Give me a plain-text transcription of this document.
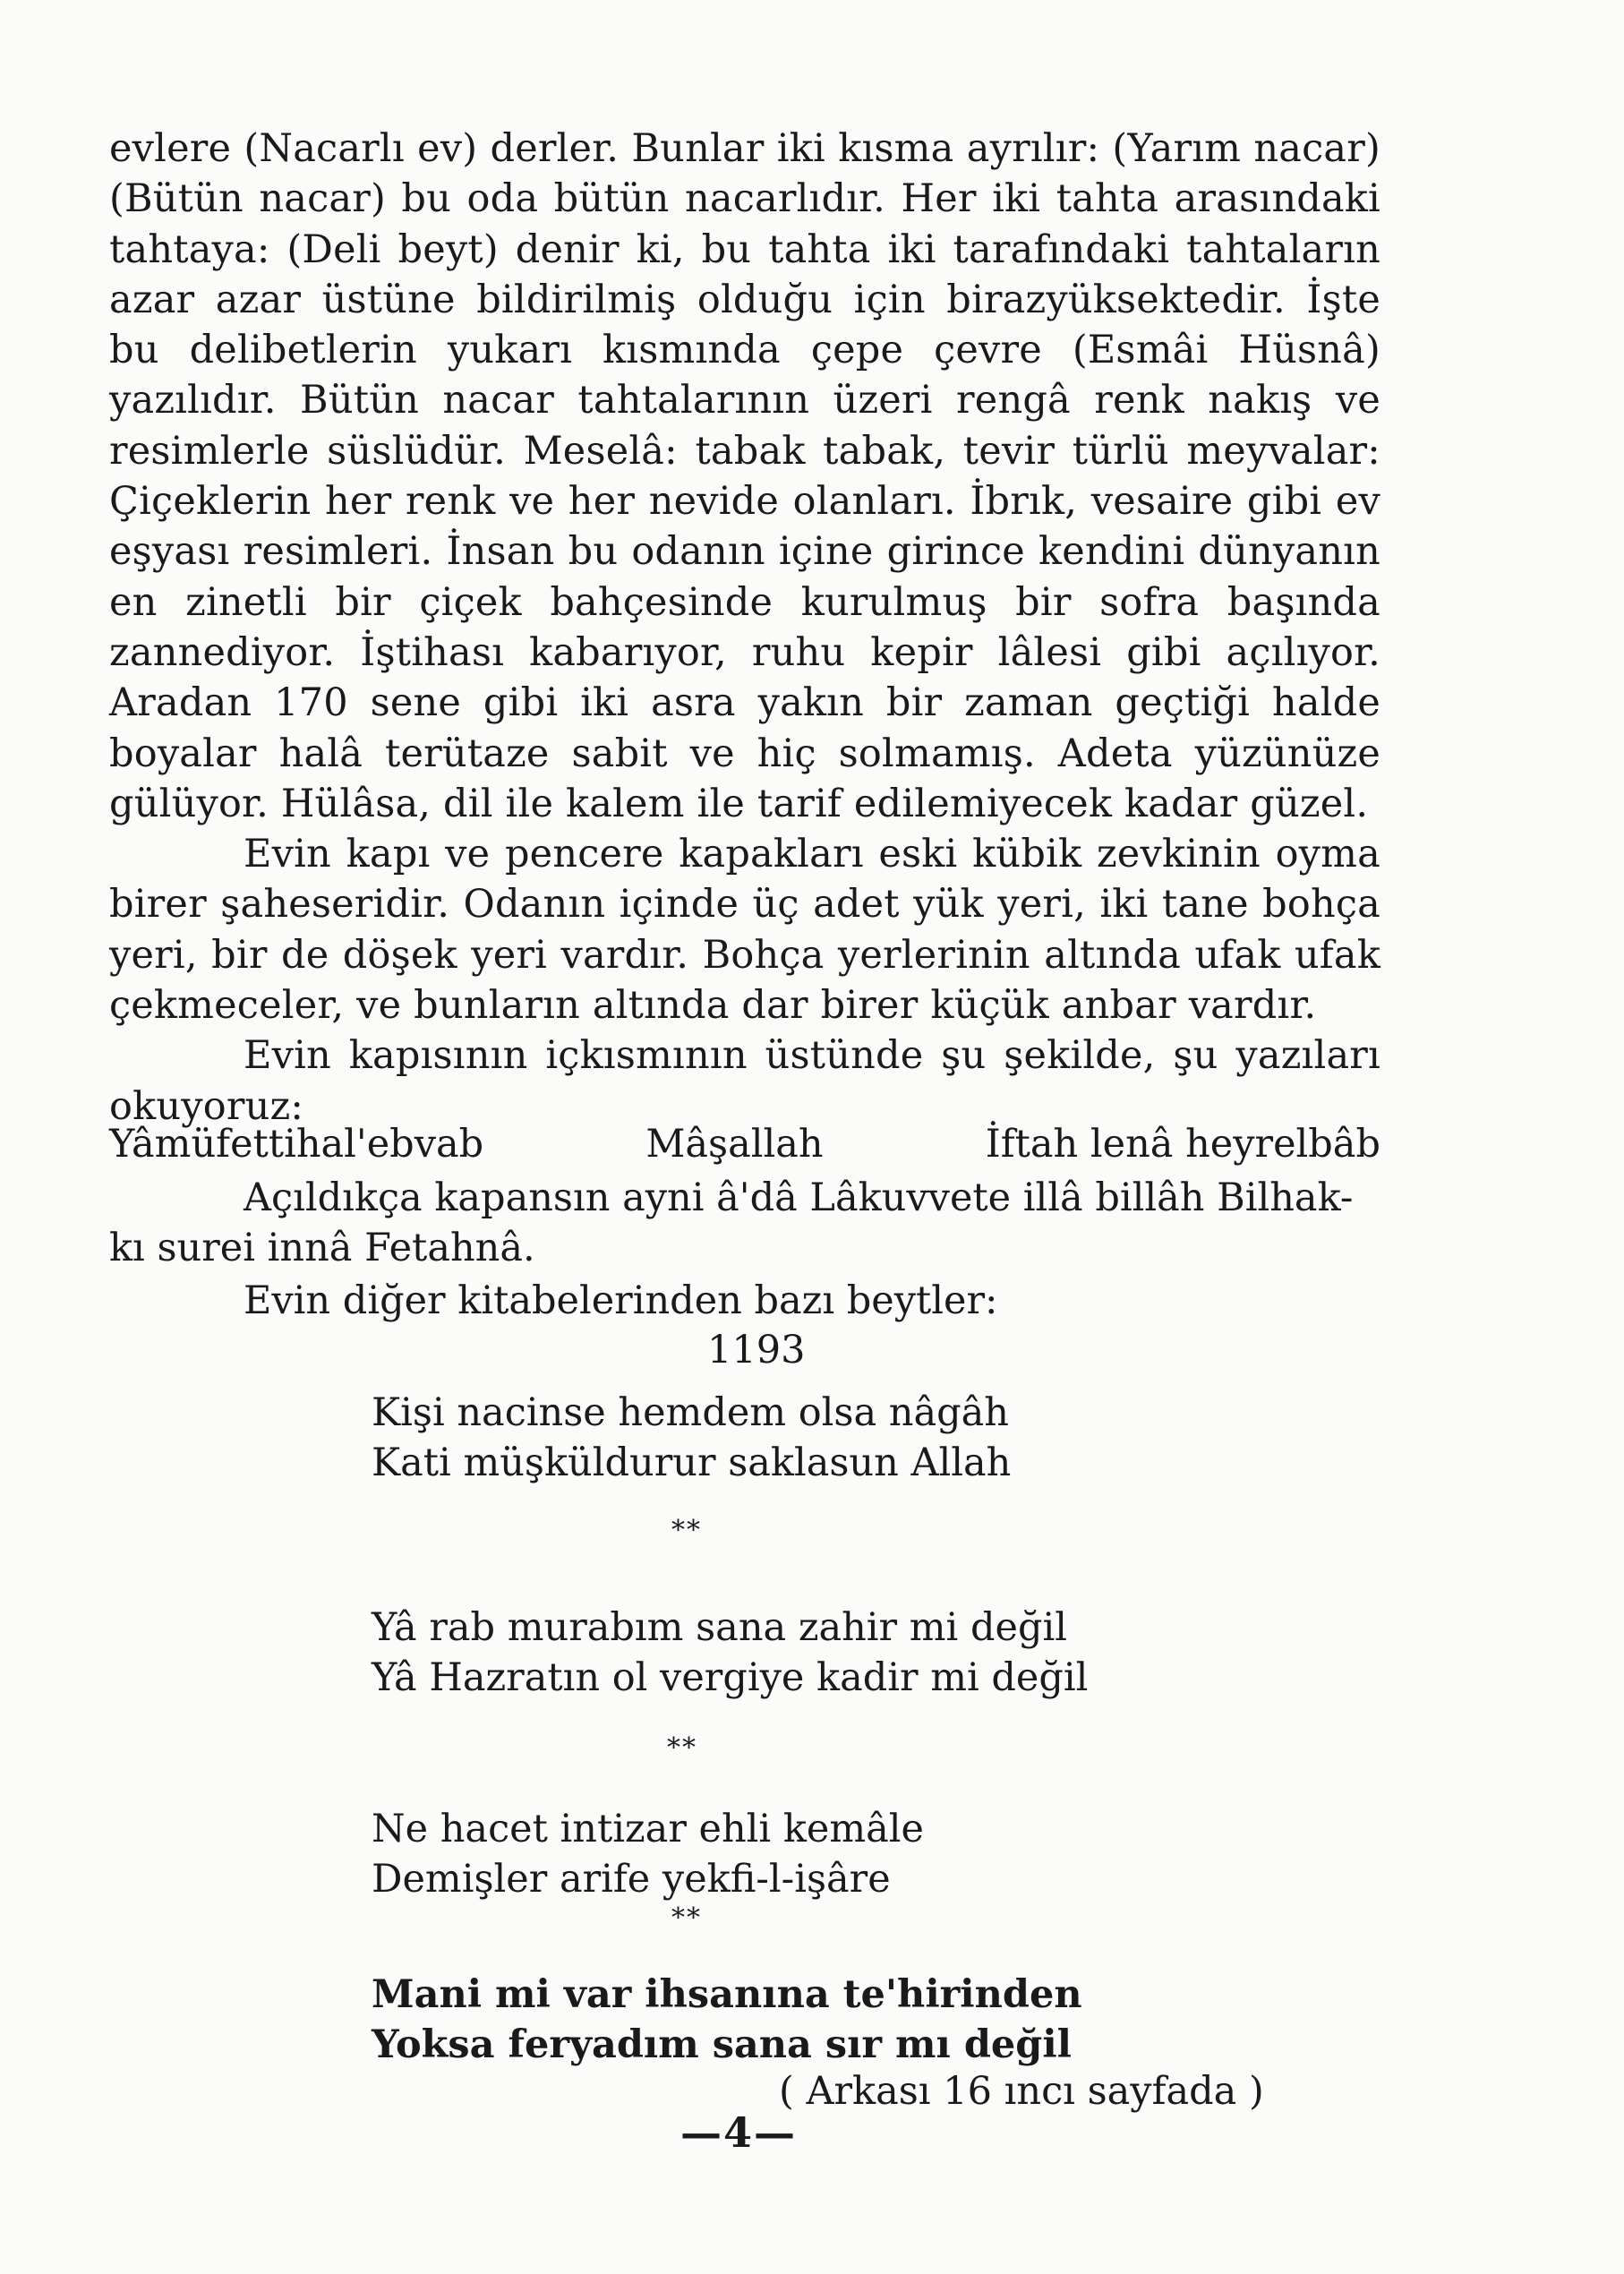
evlere (Nacarlı ev) derler. Bunlar iki kısma ayrılır: (Yarım nacar) (Bütün nacar) bu oda bütün nacarlıdır. Her iki tahta arasındaki tahtaya: (Deli beyt) denir ki, bu tahta iki tarafındaki tahtaların azar azar üstüne bildirilmiş olduğu için birazyüksektedir. İşte bu delibetlerin yukarı kısmında çepe çevre (Esmâi Hüsnâ) yazılıdır. Bütün nacar tahtalarının üzeri rengâ renk nakış ve resimlerle süslüdür. Meselâ: tabak tabak, tevir türlü meyvalar: Çiçeklerin her renk ve her nevide olanları. İbrık, vesaire gibi ev eşyası resimleri. İnsan bu odanın içine girince kendini dünyanın en zinetli bir çiçek bahçesinde kurulmuş bir sofra başında zannediyor. İştihası kabarıyor, ruhu kepir lâlesi gibi açılıyor. Aradan 170 sene gibi iki asra yakın bir zaman geçtiği halde boyalar halâ terütaze sabit ve hiç solmamış. Adeta yüzünüze gülüyor. Hülâsa, dil ile kalem ile tarif edilemiyecek kadar güzel.

Evin kapı ve pencere kapakları eski kübik zevkinin oyma birer şaheseridir. Odanın içinde üç adet yük yeri, iki tane bohça yeri, bir de döşek yeri vardır. Bohça yerlerinin altında ufak ufak çekmeceler, ve bunların altında dar birer küçük anbar vardır.

Evin kapısının içkısmının üstünde şu şekilde, şu yazıları okuyoruz:

Yâmüfettihal'ebvab	Mâşallah	İftah lenâ heyrelbâb
Açıldıkça kapansın ayni â'dâ Lâkuvvete illâ billâh Bilhak-
kı surei innâ Fetahnâ.
Evin diğer kitabelerinden bazı beytler:
1193
Kişi nacinse hemdem olsa nâgâh
Kati müşküldurur saklasun Allah
**
Yâ rab murabım sana zahir mi değil
Yâ Hazratın ol vergiye kadir mi değil
**
Ne hacet intizar ehli kemâle
Demişler arife yekfi-l-işâre
**
Mani mi var ihsanına te'hirinden
Yoksa feryadım sana sır mı değil
( Arkası 16 ıncı sayfada )
—4—
